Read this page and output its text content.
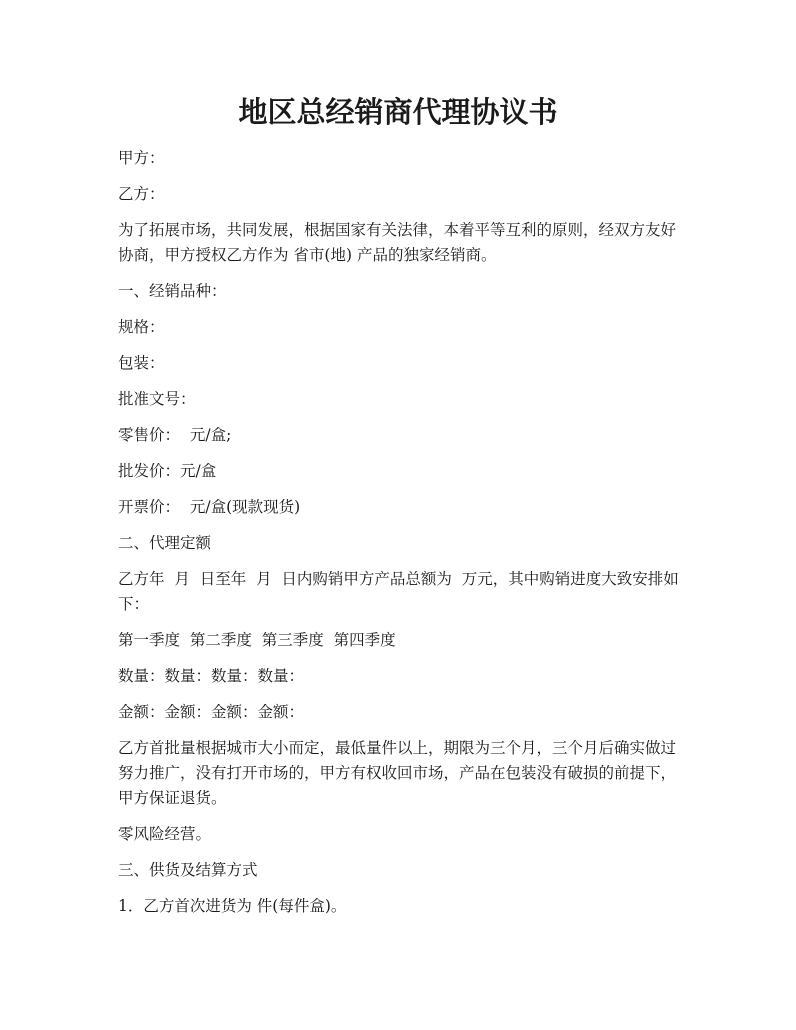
地区总经销商代理协议书

甲方：

乙方：

为了拓展市场，共同发展，根据国家有关法律，本着平等互利的原则，经双方友好协商，甲方授权乙方作为 省市(地) 产品的独家经销商。

一、经销品种：

规格：

包装：

批准文号：

零售价：  元/盒;

批发价：元/盒

开票价：  元/盒(现款现货)

二、代理定额

乙方年  月  日至年  月  日内购销甲方产品总额为  万元，其中购销进度大致安排如下：

第一季度  第二季度  第三季度  第四季度

数量：数量：数量：数量：

金额：金额：金额：金额：

乙方首批量根据城市大小而定，最低量件以上，期限为三个月，三个月后确实做过努力推广，没有打开市场的，甲方有权收回市场，产品在包装没有破损的前提下，甲方保证退货。

零风险经营。

三、供货及结算方式

1．乙方首次进货为 件(每件盒)。
